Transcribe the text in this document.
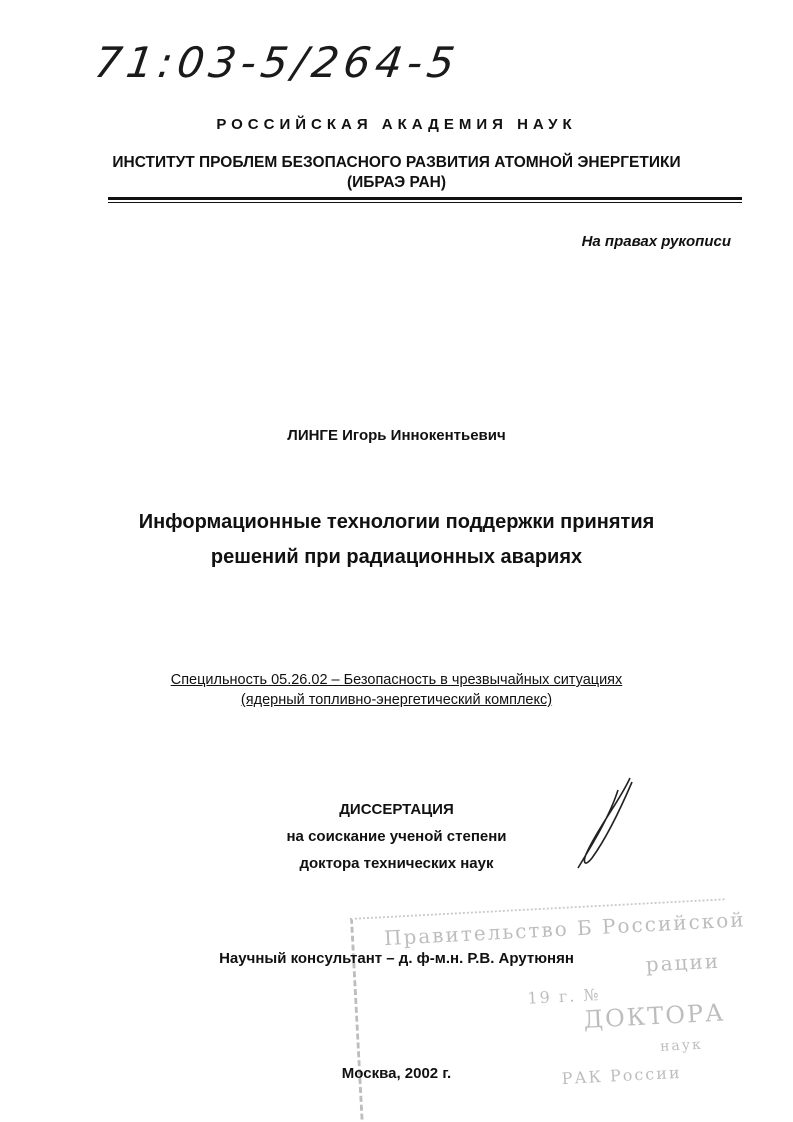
71:03-5/264-5
РОССИЙСКАЯ АКАДЕМИЯ НАУК
ИНСТИТУТ ПРОБЛЕМ БЕЗОПАСНОГО РАЗВИТИЯ АТОМНОЙ ЭНЕРГЕТИКИ
(ИБРАЭ РАН)
На правах рукописи
ЛИНГЕ Игорь Иннокентьевич
Информационные технологии поддержки принятия
решений при радиационных авариях
Специльность 05.26.02 – Безопасность в чрезвычайных ситуациях
(ядерный топливно-энергетический комплекс)
ДИССЕРТАЦИЯ
на соискание ученой степени
доктора технических наук
Правительство Б Российской
рации
19 г. №
ДОКТОРА
наук
РАК России
Научный консультант – д. ф-м.н. Р.В. Арутюнян
Москва, 2002 г.
